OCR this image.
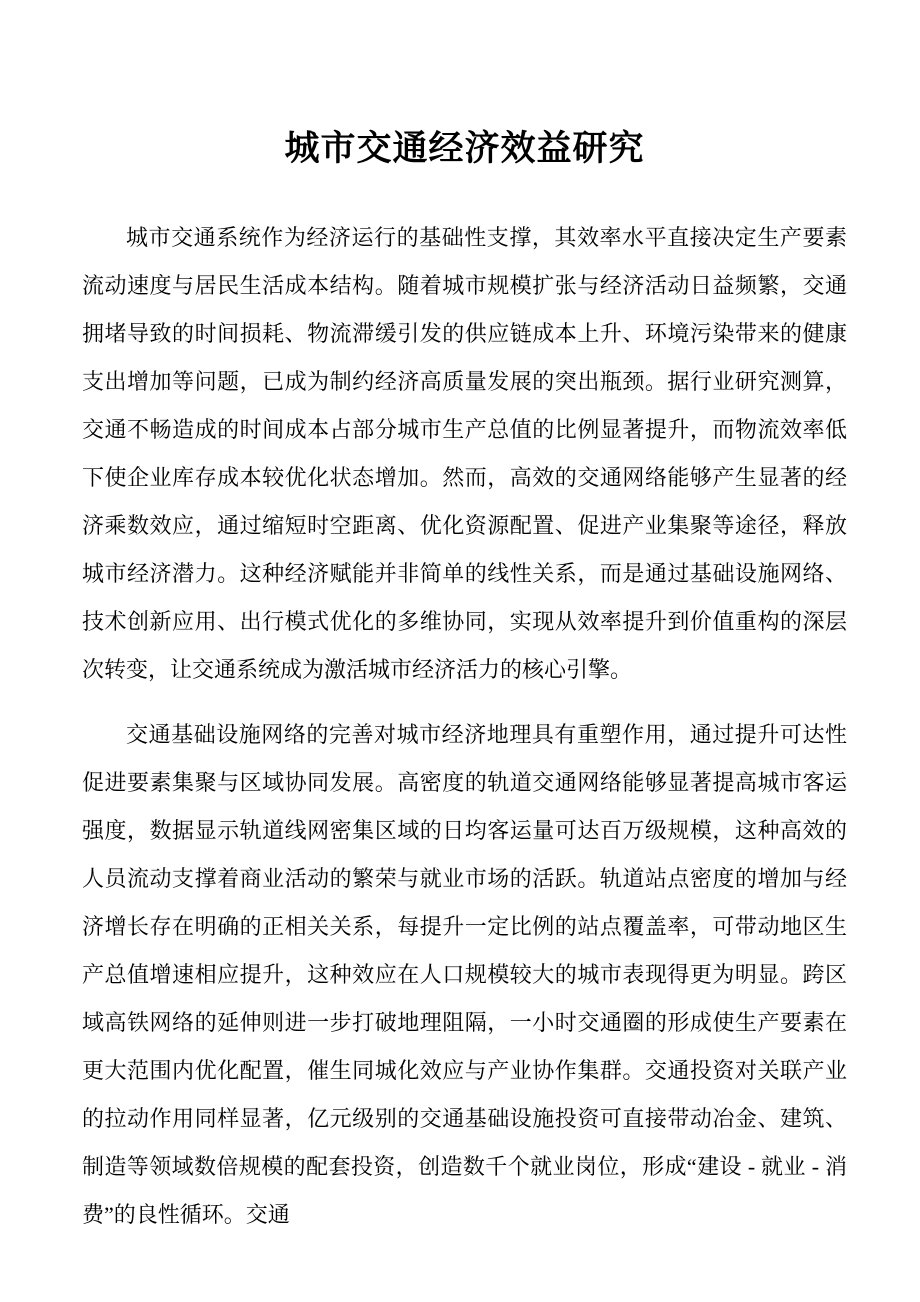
城市交通经济效益研究

城市交通系统作为经济运行的基础性支撑，其效率水平直接决定生产要素流动速度与居民生活成本结构。随着城市规模扩张与经济活动日益频繁，交通拥堵导致的时间损耗、物流滞缓引发的供应链成本上升、环境污染带来的健康支出增加等问题，已成为制约经济高质量发展的突出瓶颈。据行业研究测算，交通不畅造成的时间成本占部分城市生产总值的比例显著提升，而物流效率低下使企业库存成本较优化状态增加。然而，高效的交通网络能够产生显著的经济乘数效应，通过缩短时空距离、优化资源配置、促进产业集聚等途径，释放城市经济潜力。这种经济赋能并非简单的线性关系，而是通过基础设施网络、技术创新应用、出行模式优化的多维协同，实现从效率提升到价值重构的深层次转变，让交通系统成为激活城市经济活力的核心引擎。

交通基础设施网络的完善对城市经济地理具有重塑作用，通过提升可达性促进要素集聚与区域协同发展。高密度的轨道交通网络能够显著提高城市客运强度，数据显示轨道线网密集区域的日均客运量可达百万级规模，这种高效的人员流动支撑着商业活动的繁荣与就业市场的活跃。轨道站点密度的增加与经济增长存在明确的正相关关系，每提升一定比例的站点覆盖率，可带动地区生产总值增速相应提升，这种效应在人口规模较大的城市表现得更为明显。跨区域高铁网络的延伸则进一步打破地理阻隔，一小时交通圈的形成使生产要素在更大范围内优化配置，催生同城化效应与产业协作集群。交通投资对关联产业的拉动作用同样显著，亿元级别的交通基础设施投资可直接带动冶金、建筑、制造等领域数倍规模的配套投资，创造数千个就业岗位，形成“建设 - 就业 - 消费”的良性循环。交通
